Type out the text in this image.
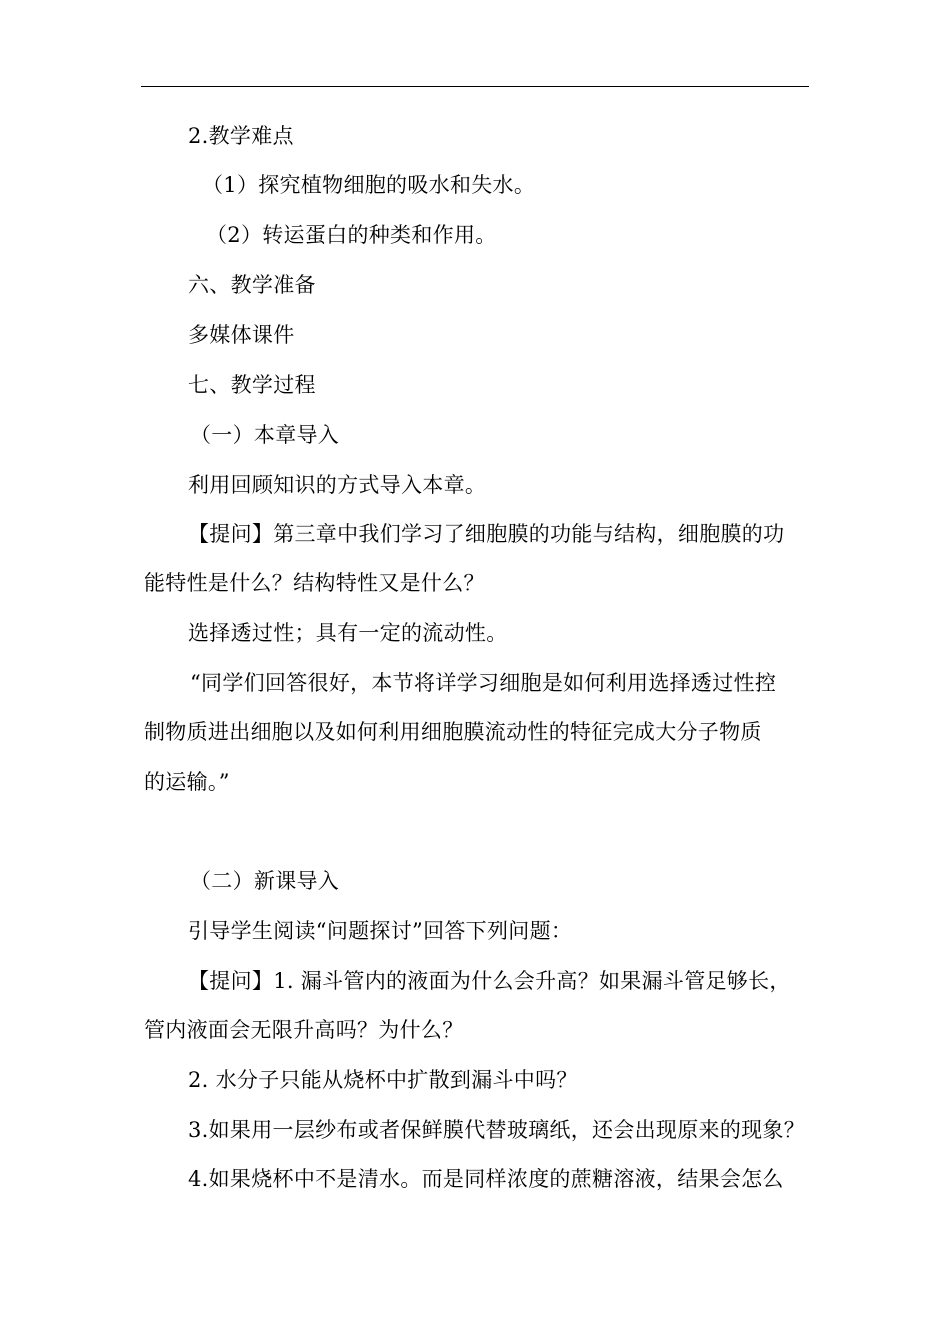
2.教学难点
（1）探究植物细胞的吸水和失水。
（2）转运蛋白的种类和作用。
六、教学准备
多媒体课件
七、教学过程
（一）本章导入
利用回顾知识的方式导入本章。
【提问】第三章中我们学习了细胞膜的功能与结构，细胞膜的功
能特性是什么？结构特性又是什么？
选择透过性；具有一定的流动性。
“同学们回答很好，本节将详学习细胞是如何利用选择透过性控
制物质进出细胞以及如何利用细胞膜流动性的特征完成大分子物质
的运输。”
（二）新课导入
引导学生阅读“问题探讨”回答下列问题：
【提问】1. 漏斗管内的液面为什么会升高？如果漏斗管足够长，
管内液面会无限升高吗？为什么？
2. 水分子只能从烧杯中扩散到漏斗中吗？
3.如果用一层纱布或者保鲜膜代替玻璃纸，还会出现原来的现象？
4.如果烧杯中不是清水。而是同样浓度的蔗糖溶液，结果会怎么
